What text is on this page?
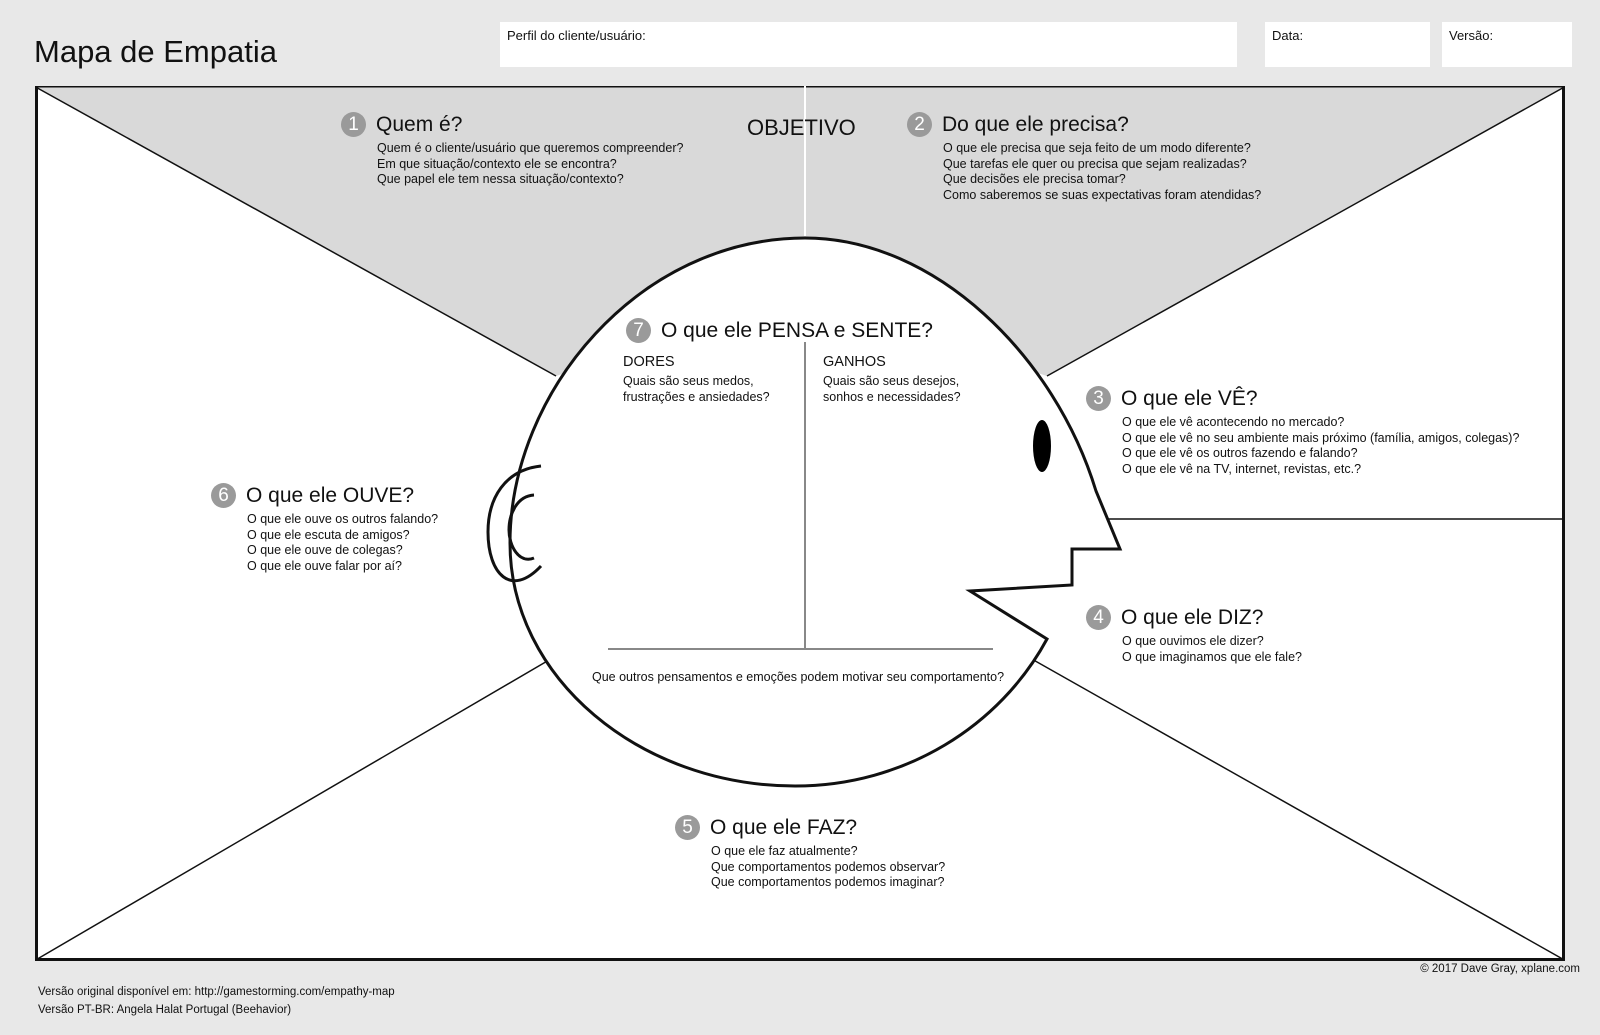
Mapa de Empatia	Perfil do cliente/usuário:	Data:	Versão:
OBJETIVO
1 Quem é?
Quem é o cliente/usuário que queremos compreender?
Em que situação/contexto ele se encontra?
Que papel ele tem nessa situação/contexto?
2 Do que ele precisa?
O que ele precisa que seja feito de um modo diferente?
Que tarefas ele quer ou precisa que sejam realizadas?
Que decisões ele precisa tomar?
Como saberemos se suas expectativas foram atendidas?
3 O que ele VÊ?
O que ele vê acontecendo no mercado?
O que ele vê no seu ambiente mais próximo (família, amigos, colegas)?
O que ele vê os outros fazendo e falando?
O que ele vê na TV, internet, revistas, etc.?
4 O que ele DIZ?
O que ouvimos ele dizer?
O que imaginamos que ele fale?
5 O que ele FAZ?
O que ele faz atualmente?
Que comportamentos podemos observar?
Que comportamentos podemos imaginar?
6 O que ele OUVE?
O que ele ouve os outros falando?
O que ele escuta de amigos?
O que ele ouve de colegas?
O que ele ouve falar por aí?
7 O que ele PENSA e SENTE?
DORES
Quais são seus medos,
frustrações e ansiedades?
GANHOS
Quais são seus desejos,
sonhos e necessidades?
Que outros pensamentos e emoções podem motivar seu comportamento?
© 2017 Dave Gray, xplane.com
Versão original disponível em: http://gamestorming.com/empathy-map
Versão PT-BR: Angela Halat Portugal (Beehavior)
